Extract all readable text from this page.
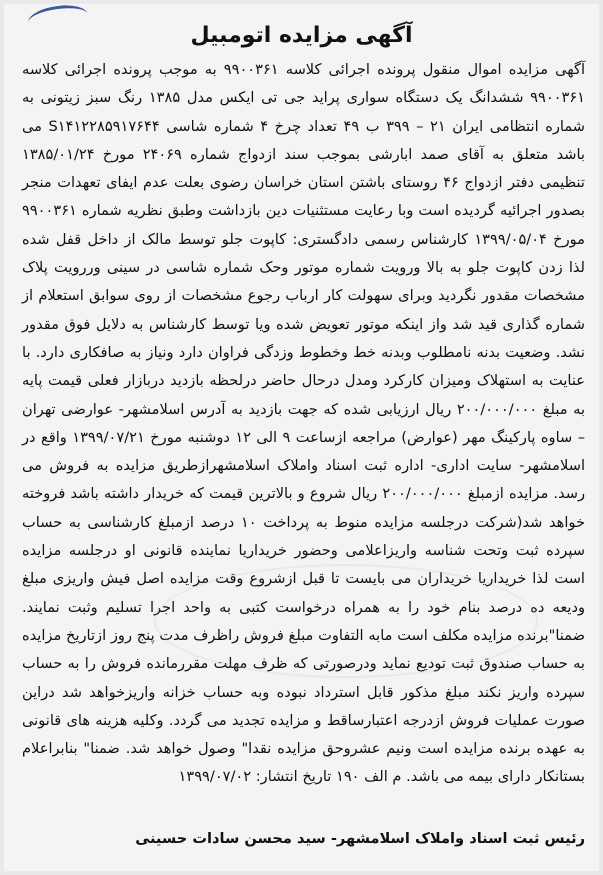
آگهی مزایده اتومبیل
آگهی مزایده اموال منقول پرونده اجرائی کلاسه ۹۹۰۰۳۶۱ به موجب پرونده اجرائی کلاسه ۹۹۰۰۳۶۱ ششدانگ یک دستگاه سواری پراید جی تی ایکس مدل ۱۳۸۵ رنگ سبز زیتونی به شماره انتظامی ایران ۲۱ – ۳۹۹ ب ۴۹ تعداد چرخ ۴ شماره شاسی S۱۴۱۲۲۸۵۹۱۷۶۴۴ می باشد متعلق به آقای صمد ابارشی بموجب سند ازدواج شماره ۲۴۰۶۹ مورخ ۱۳۸۵/۰۱/۲۴ تنظیمی دفتر ازدواج ۴۶ روستای باشتن استان خراسان رضوی بعلت عدم ایفای تعهدات منجر بصدور اجرائیه گردیده است وبا رعایت مستثنیات دین بازداشت وطبق نظریه شماره ۹۹۰۰۳۶۱ مورخ ۱۳۹۹/۰۵/۰۴ کارشناس رسمی دادگستری: کاپوت جلو توسط مالک از داخل قفل شده لذا زدن کاپوت جلو به بالا ورویت شماره موتور وحک شماره شاسی در سینی وررویت پلاک مشخصات مقدور نگردید وبرای سهولت کار ارباب رجوع مشخصات از روی سوابق استعلام از شماره گذاری قید شد واز اینکه موتور تعویض شده ویا توسط کارشناس به دلایل فوق مقدور نشد. وضعیت بدنه نامطلوب وبدنه خط وخطوط وزدگی فراوان دارد ونیاز به صافکاری دارد. با عنایت به استهلاک ومیزان کارکرد ومدل درحال حاضر درلحظه بازدید دربازار فعلی قیمت پایه به مبلغ ۲۰۰/۰۰۰/۰۰۰ ریال ارزیابی شده که جهت بازدید به آدرس اسلامشهر- عوارضی تهران – ساوه پارکینگ مهر (عوارض) مراجعه ازساعت ۹ الی ۱۲ دوشنبه مورخ ۱۳۹۹/۰۷/۲۱ واقع در اسلامشهر- سایت اداری- اداره ثبت اسناد واملاک اسلامشهرازطریق مزایده به فروش می رسد. مزایده ازمبلغ ۲۰۰/۰۰۰/۰۰۰ ریال شروع و بالاترین قیمت که خریدار داشته باشد فروخته خواهد شد(شرکت درجلسه مزایده منوط به پرداخت ۱۰ درصد ازمبلغ کارشناسی به حساب سپرده ثبت وتحت شناسه واریزاعلامی وحضور خریداریا نماینده قانونی او درجلسه مزایده است لذا خریداریا خریداران می بایست تا قبل ازشروع وقت مزایده اصل فیش واریزی مبلغ ودیعه ده درصد بنام خود را به همراه درخواست کتبی به واحد اجرا تسلیم وثبت نمایند. ضمنا"برنده مزایده مکلف است مابه التفاوت مبلغ فروش راظرف مدت پنج روز ازتاریخ مزایده به حساب صندوق ثبت تودیع نماید ودرصورتی که ظرف مهلت مقررمانده فروش را به حساب سپرده واریز نکند مبلغ مذکور قابل استرداد نبوده وبه حساب خزانه واریزخواهد شد دراین صورت عملیات فروش ازدرجه اعتبارساقط و مزایده تجدید می گردد. وکلیه هزینه های قانونی به عهده برنده مزایده است ونیم عشروحق مزایده نقدا" وصول خواهد شد. ضمنا" بنابراعلام بستانکار دارای بیمه می باشد. م الف ۱۹۰ تاریخ انتشار: ۱۳۹۹/۰۷/۰۲
رئیس ثبت اسناد واملاک اسلامشهر- سید محسن سادات حسینی
